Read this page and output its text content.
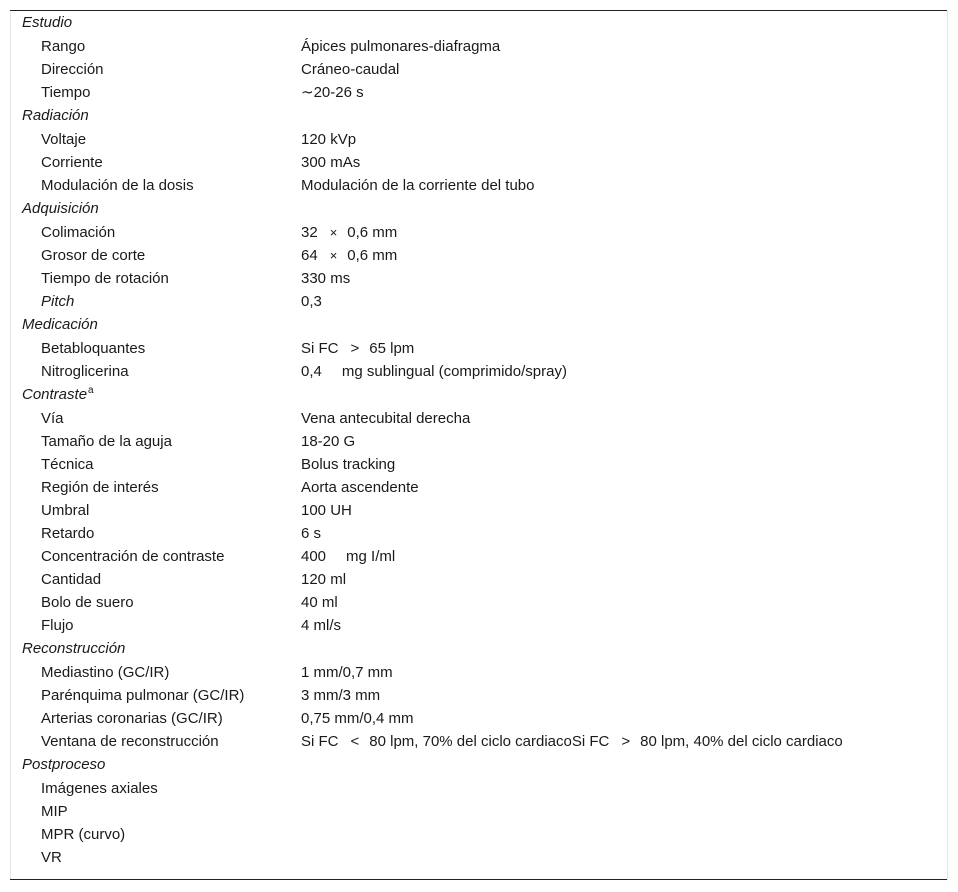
Estudio
Rango	Ápices pulmonares-diafragma
Dirección	Cráneo-caudal
Tiempo	∼20-26 s
Radiación
Voltaje	120 kVp
Corriente	300 mAs
Modulación de la dosis	Modulación de la corriente del tubo
Adquisición
Colimación	32 × 0,6 mm
Grosor de corte	64 × 0,6 mm
Tiempo de rotación	330 ms
Pitch	0,3
Medicación
Betabloquantes	Si FC > 65 lpm
Nitroglicerina	0,4 mg sublingual (comprimido/spray)
Contraste$^a$
Vía	Vena antecubital derecha
Tamaño de la aguja	18-20 G
Técnica	Bolus tracking
Región de interés	Aorta ascendente
Umbral	100 UH
Retardo	6 s
Concentración de contraste	400 mg I/ml
Cantidad	120 ml
Bolo de suero	40 ml
Flujo	4 ml/s
Reconstrucción
Mediastino (GC/IR)	1 mm/0,7 mm
Parénquima pulmonar (GC/IR)	3 mm/3 mm
Arterias coronarias (GC/IR)	0,75 mm/0,4 mm
Ventana de reconstrucción	Si FC < 80 lpm, 70% del ciclo cardiacoSi FC > 80 lpm, 40% del ciclo cardiaco
Postproceso
Imágenes axiales
MIP
MPR (curvo)
VR
